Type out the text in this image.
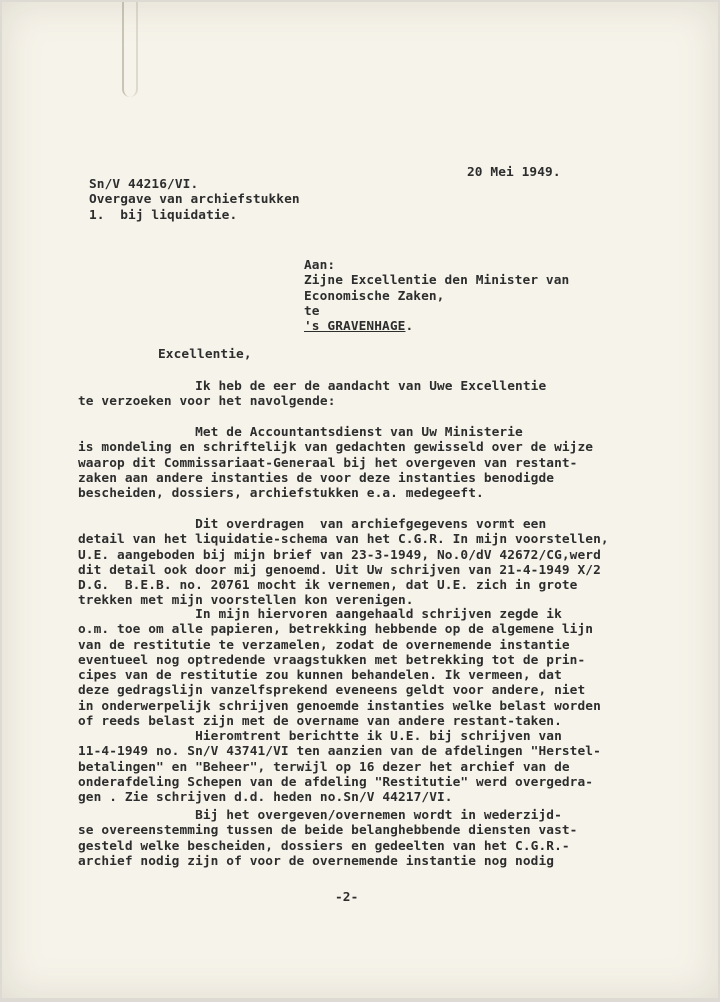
20 Mei 1949.
Sn/V 44216/VI.
Overgave van archiefstukken
1.  bij liquidatie.
Aan:
Zijne Excellentie den Minister van
Economische Zaken,
te
's GRAVENHAGE.
Excellentie,
Ik heb de eer de aandacht van Uwe Excellentie
te verzoeken voor het navolgende:
Met de Accountantsdienst van Uw Ministerie
is mondeling en schriftelijk van gedachten gewisseld over de wijze
waarop dit Commissariaat-Generaal bij het overgeven van restant-
zaken aan andere instanties de voor deze instanties benodigde
bescheiden, dossiers, archiefstukken e.a. medegeeft.
Dit overdragen  van archiefgegevens vormt een
detail van het liquidatie-schema van het C.G.R. In mijn voorstellen,
U.E. aangeboden bij mijn brief van 23-3-1949, No.0/dV 42672/CG,werd
dit detail ook door mij genoemd. Uit Uw schrijven van 21-4-1949 X/2
D.G.  B.E.B. no. 20761 mocht ik vernemen, dat U.E. zich in grote
trekken met mijn voorstellen kon verenigen.
In mijn hiervoren aangehaald schrijven zegde ik
o.m. toe om alle papieren, betrekking hebbende op de algemene lijn
van de restitutie te verzamelen, zodat de overnemende instantie
eventueel nog optredende vraagstukken met betrekking tot de prin-
cipes van de restitutie zou kunnen behandelen. Ik vermeen, dat
deze gedragslijn vanzelfsprekend eveneens geldt voor andere, niet
in onderwerpelijk schrijven genoemde instanties welke belast worden
of reeds belast zijn met de overname van andere restant-taken.
Hieromtrent berichtte ik U.E. bij schrijven van
11-4-1949 no. Sn/V 43741/VI ten aanzien van de afdelingen "Herstel-
betalingen" en "Beheer", terwijl op 16 dezer het archief van de
onderafdeling Schepen van de afdeling "Restitutie" werd overgedra-
gen . Zie schrijven d.d. heden no.Sn/V 44217/VI.
Bij het overgeven/overnemen wordt in wederzijd-
se overeenstemming tussen de beide belanghebbende diensten vast-
gesteld welke bescheiden, dossiers en gedeelten van het C.G.R.-
archief nodig zijn of voor de overnemende instantie nog nodig
-2-
